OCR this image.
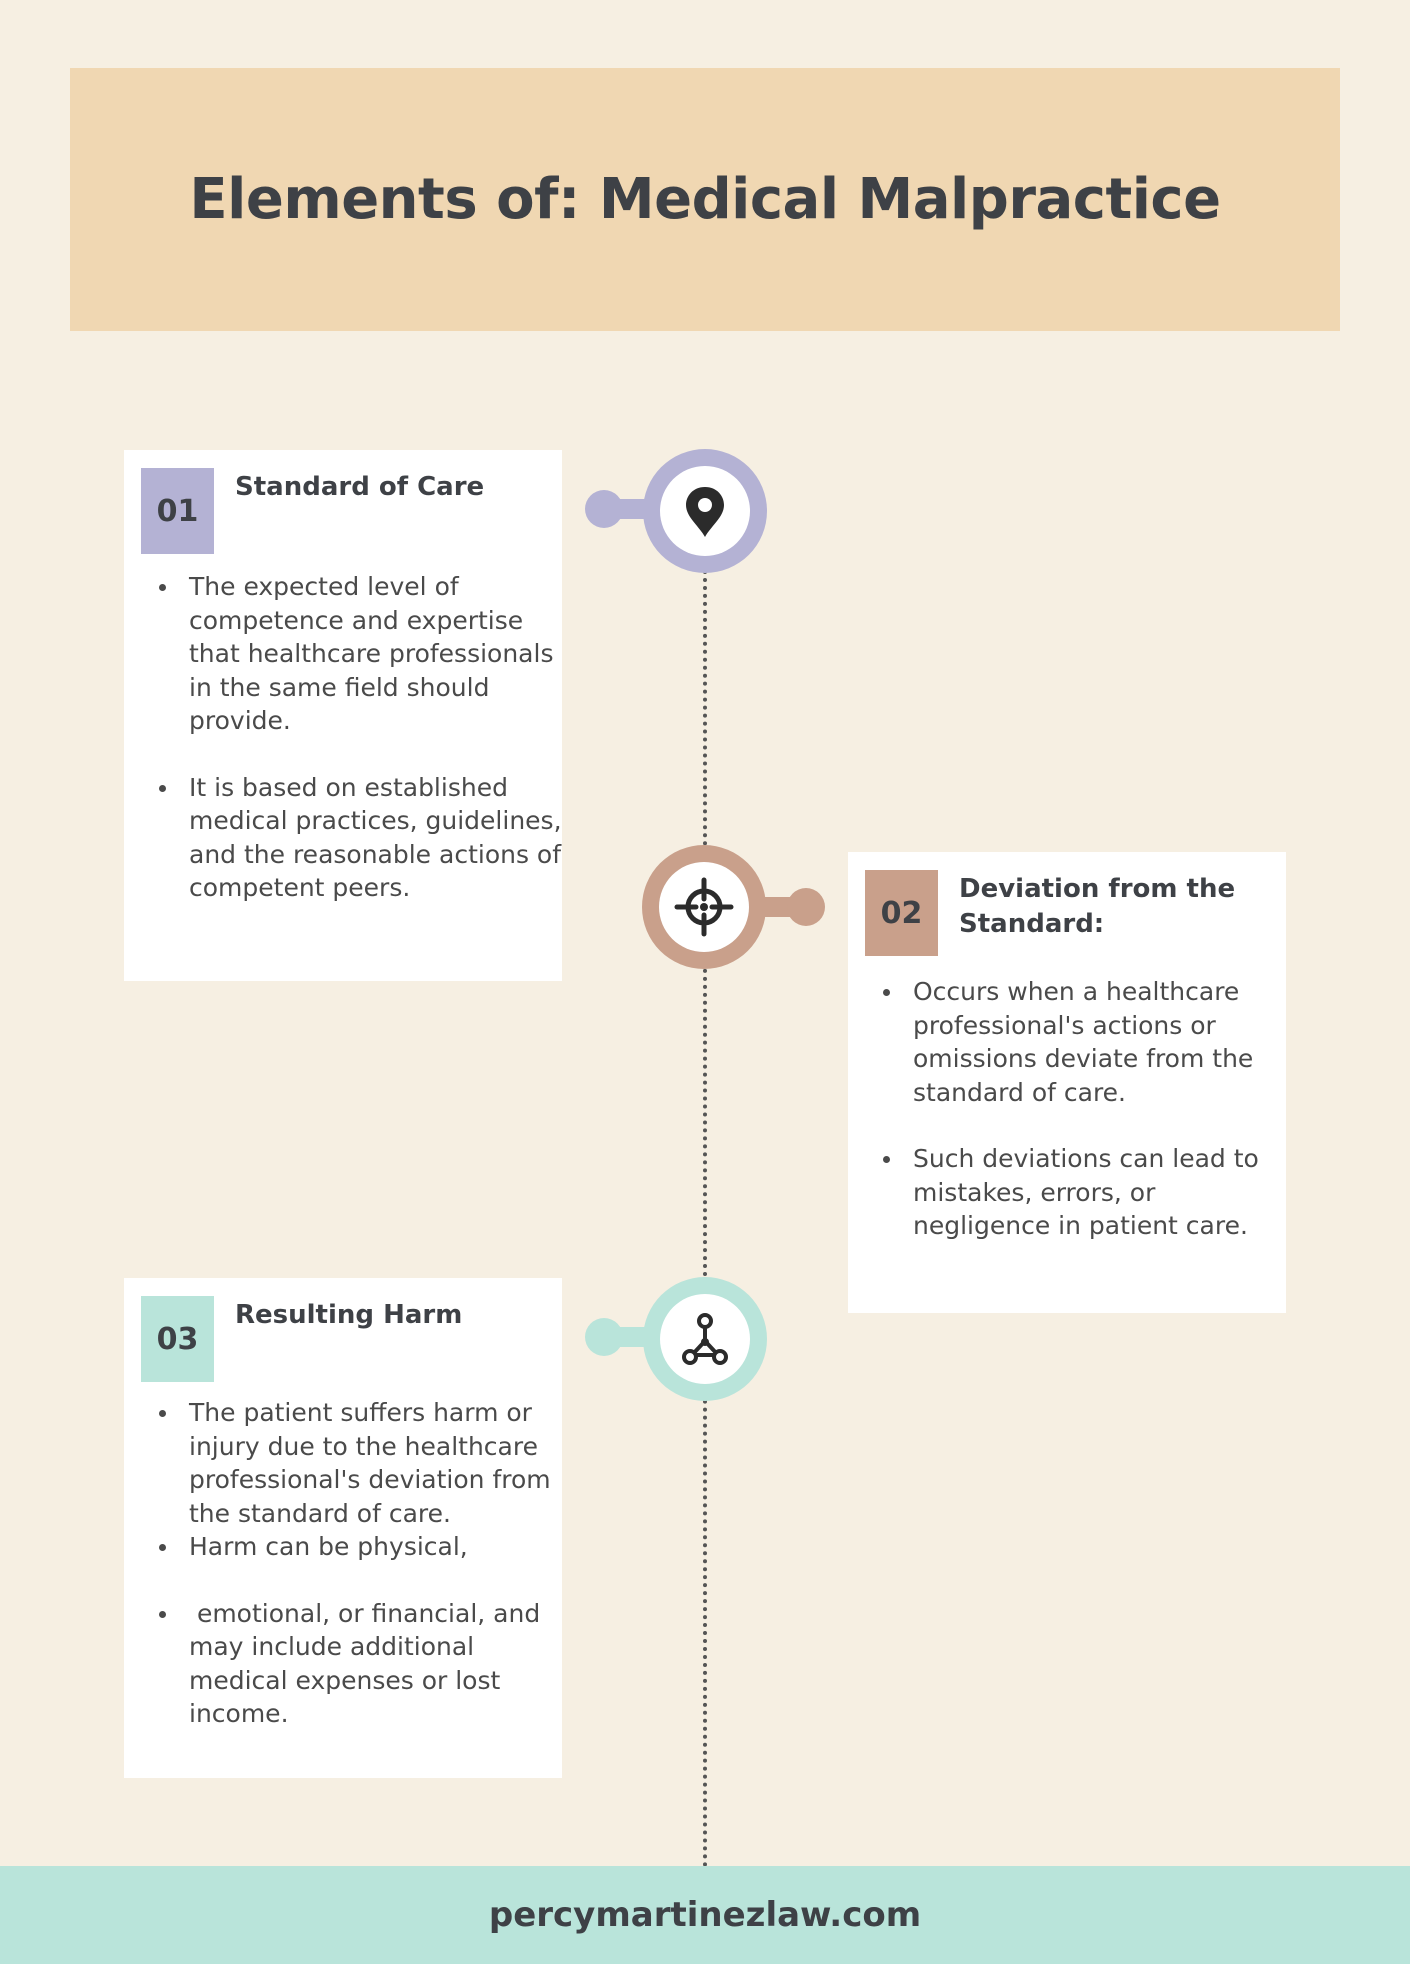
Elements of: Medical Malpractice
01
Standard of Care
The expected level of competence and expertise that healthcare professionals in the same field should provide.
It is based on established medical practices, guidelines, and the reasonable actions of competent peers.
02
Deviation from the Standard:
Occurs when a healthcare professional's actions or omissions deviate from the standard of care.
Such deviations can lead to mistakes, errors, or negligence in patient care.
03
Resulting Harm
The patient suffers harm or injury due to the healthcare professional's deviation from the standard of care.
Harm can be physical,
emotional, or financial, and may include additional medical expenses or lost income.
percymartinezlaw.com
